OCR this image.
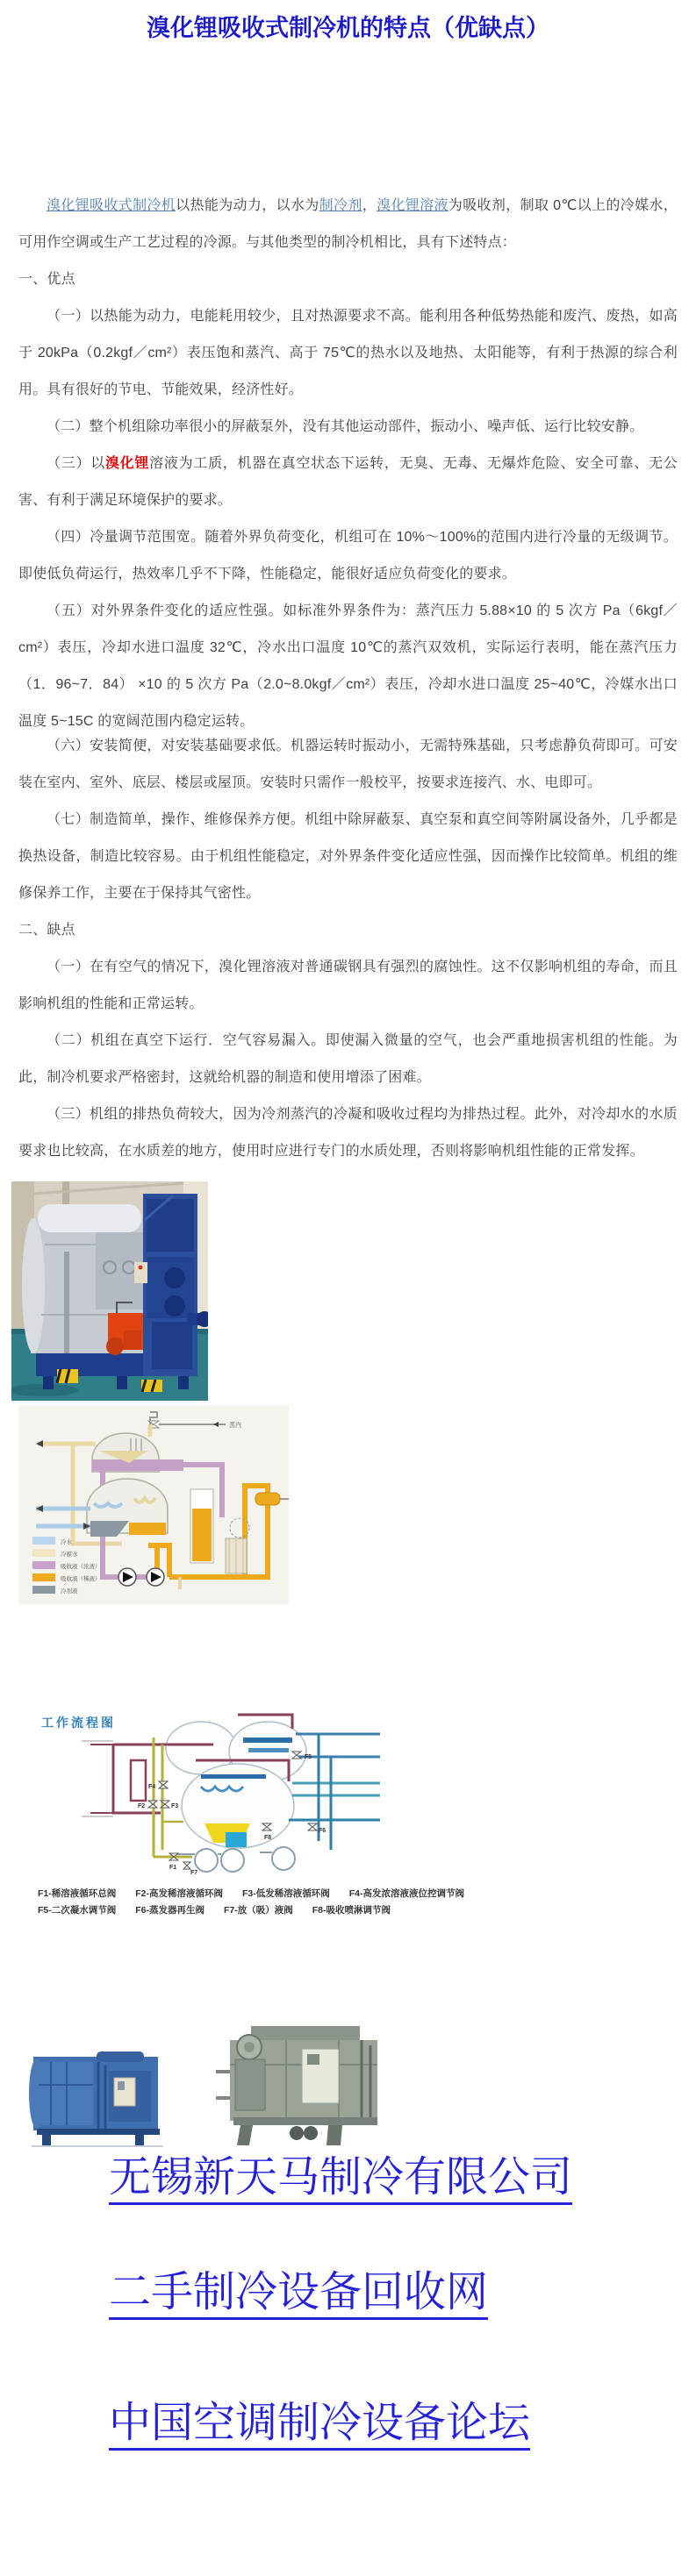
溴化锂吸收式制冷机的特点（优缺点）

溴化锂吸收式制冷机以热能为动力，以水为制冷剂，溴化锂溶液为吸收剂，制取 0℃以上的冷媒水，可用作空调或生产工艺过程的冷源。与其他类型的制冷机相比，具有下述特点：

一、优点

（一）以热能为动力，电能耗用较少，且对热源要求不高。能利用各种低势热能和废汽、废热，如高于 20kPa（0.2kgf／cm²）表压饱和蒸汽、高于 75℃的热水以及地热、太阳能等，有利于热源的综合利用。具有很好的节电、节能效果，经济性好。

（二）整个机组除功率很小的屏蔽泵外，没有其他运动部件，振动小、噪声低、运行比较安静。

（三）以溴化锂溶液为工质，机器在真空状态下运转，无臭、无毒、无爆炸危险、安全可靠、无公害、有利于满足环境保护的要求。

（四）冷量调节范围宽。随着外界负荷变化，机组可在 10%～100%的范围内进行冷量的无级调节。即使低负荷运行，热效率几乎不下降，性能稳定，能很好适应负荷变化的要求。

（五）对外界条件变化的适应性强。如标准外界条件为：蒸汽压力 5.88×10 的 5 次方 Pa（6kgf／cm²）表压，冷却水进口温度 32℃，冷水出口温度 10℃的蒸汽双效机，实际运行表明，能在蒸汽压力（1．96~7．84） ×10 的 5 次方 Pa（2.0~8.0kgf／cm²）表压，冷却水进口温度 25~40℃，冷媒水出口温度 5~15C 的宽阔范围内稳定运转。

（六）安装简便，对安装基础要求低。机器运转时振动小，无需特殊基础，只考虑静负荷即可。可安装在室内、室外、底层、楼层或屋顶。安装时只需作一般校平，按要求连接汽、水、电即可。

（七）制造简单，操作、维修保养方便。机组中除屏蔽泵、真空泵和真空间等附属设备外，几乎都是换热设备，制造比较容易。由于机组性能稳定，对外界条件变化适应性强，因而操作比较简单。机组的维修保养工作，主要在于保持其气密性。

二、缺点

（一）在有空气的情况下，溴化锂溶液对普通碳钢具有强烈的腐蚀性。这不仅影响机组的寿命，而且影响机组的性能和正常运转。

（二）机组在真空下运行．空气容易漏入。即使漏入微量的空气，也会严重地损害机组的性能。为此，制冷机要求严格密封，这就给机器的制造和使用增添了困难。

（三）机组的排热负荷较大，因为冷剂蒸汽的冷凝和吸收过程均为排热过程。此外，对冷却水的水质要求也比较高，在水质差的地方，使用时应进行专门的水质处理，否则将影响机组性能的正常发挥。

蒸汽
冷水
冷媒水
吸收液（浓液）
吸收液（稀液）
冷剂液
工作流程图
F5
F4
F2	F3
F1
F7
F8
F6
F1-稀溶液循环总阀 F2-高发稀溶液循环阀 F3-低发稀溶液循环阀 F4-高发浓溶液液位控调节阀
F5-二次凝水调节阀 F6-蒸发器再生阀 F7-放（吸）液阀 F8-吸收喷淋调节阀
无锡新天马制冷有限公司
二手制冷设备回收网
中国空调制冷设备论坛
